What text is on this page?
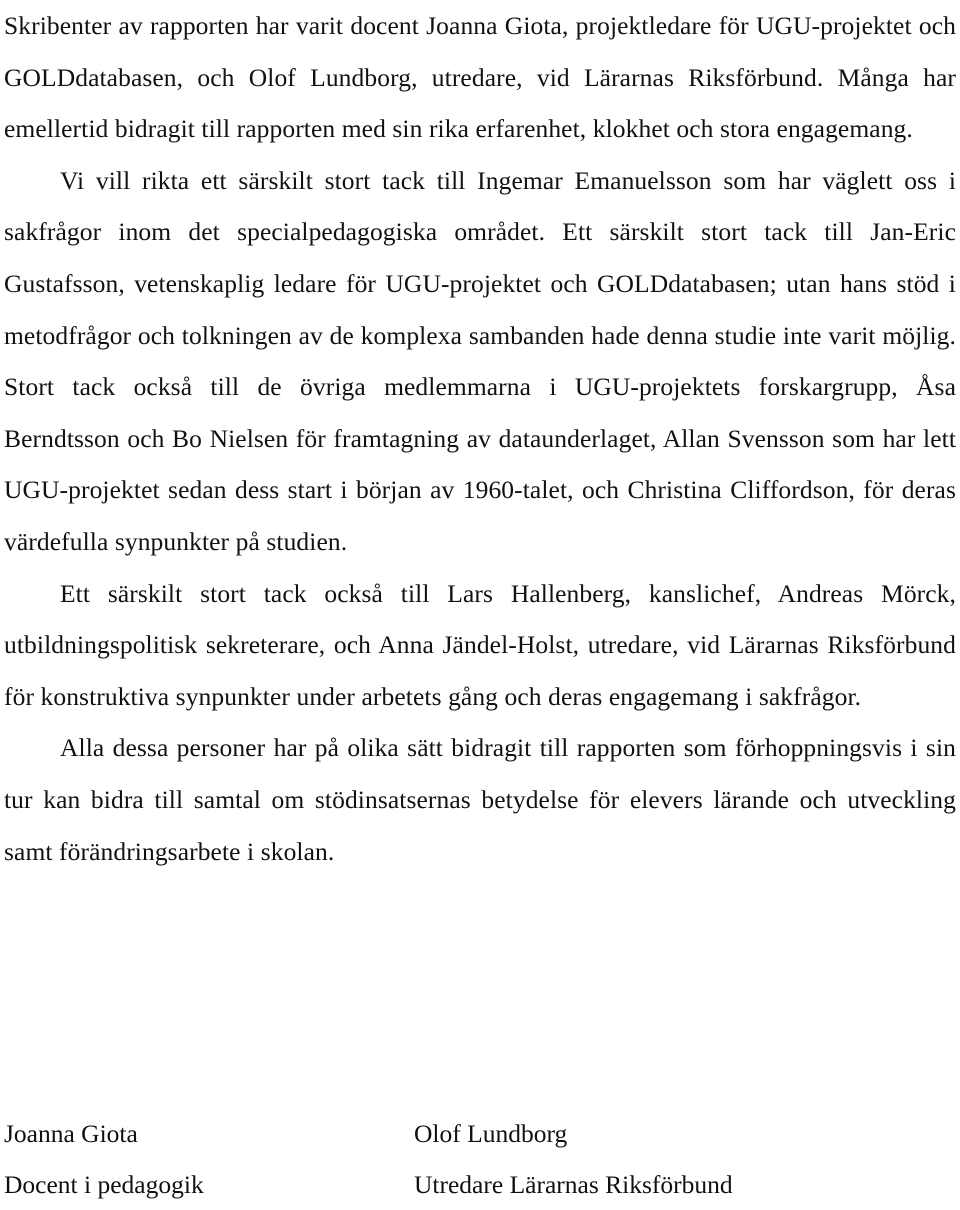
Skribenter av rapporten har varit docent Joanna Giota, projektledare för UGU-projektet och GOLDdatabasen, och Olof Lundborg, utredare, vid Lärarnas Riksförbund. Många har emellertid bidragit till rapporten med sin rika erfarenhet, klokhet och stora engagemang.

Vi vill rikta ett särskilt stort tack till Ingemar Emanuelsson som har väglett oss i sakfrågor inom det specialpedagogiska området. Ett särskilt stort tack till Jan-Eric Gustafsson, vetenskaplig ledare för UGU-projektet och GOLDdatabasen; utan hans stöd i metodfrågor och tolkningen av de komplexa sambanden hade denna studie inte varit möjlig. Stort tack också till de övriga medlemmarna i UGU-projektets forskargrupp, Åsa Berndtsson och Bo Nielsen för framtagning av dataunderlaget, Allan Svensson som har lett UGU-projektet sedan dess start i början av 1960-talet, och Christina Cliffordson, för deras värdefulla synpunkter på studien.

Ett särskilt stort tack också till Lars Hallenberg, kanslichef, Andreas Mörck, utbildningspolitisk sekreterare, och Anna Jändel-Holst, utredare, vid Lärarnas Riksförbund för konstruktiva synpunkter under arbetets gång och deras engagemang i sakfrågor.

Alla dessa personer har på olika sätt bidragit till rapporten som förhoppningsvis i sin tur kan bidra till samtal om stödinsatsernas betydelse för elevers lärande och utveckling samt förändringsarbete i skolan.

Joanna Giota
Docent i pedagogik
Olof Lundborg
Utredare Lärarnas Riksförbund
